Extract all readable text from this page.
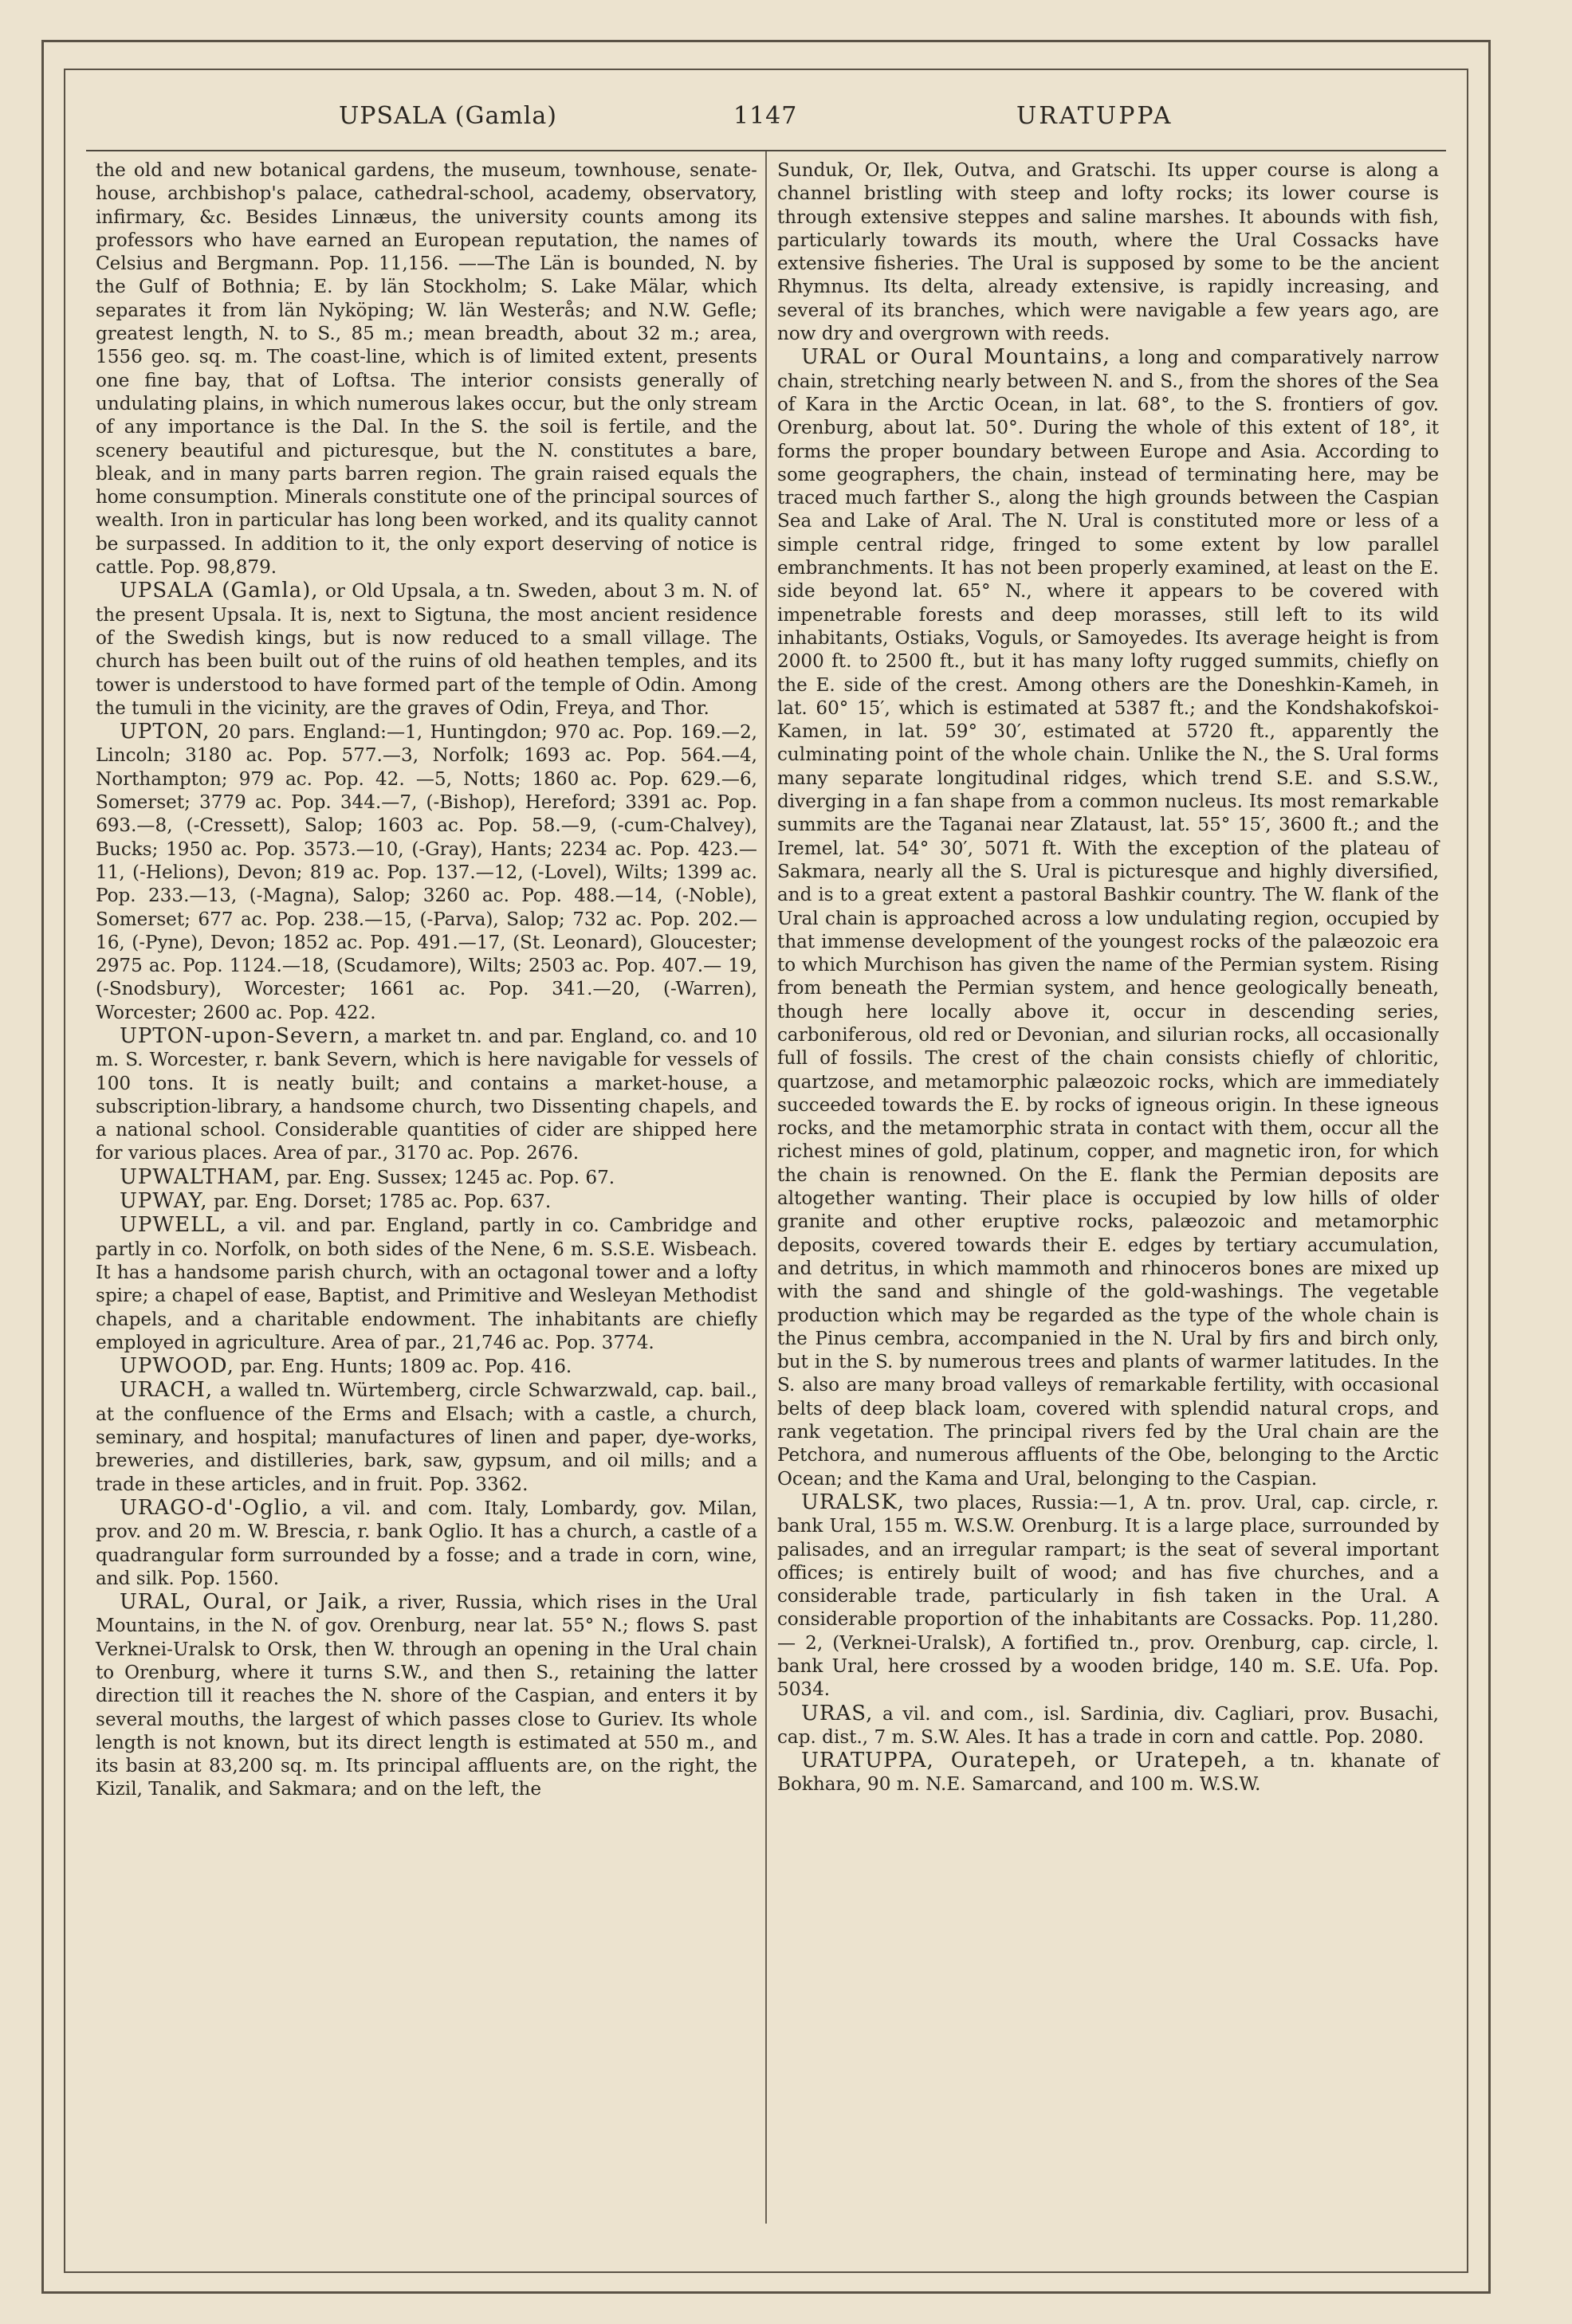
UPSALA (Gamla)	1147	URATUPPA

the old and new botanical gardens, the museum, townhouse, senate-house, archbishop's palace, cathedral-school, academy, observatory, infirmary, &c. Besides Linnæus, the university counts among its professors who have earned an European reputation, the names of Celsius and Bergmann. Pop. 11,156. ——The Län is bounded, N. by the Gulf of Bothnia; E. by län Stockholm; S. Lake Mälar, which separates it from län Nyköping; W. län Westerås; and N.W. Gefle; greatest length, N. to S., 85 m.; mean breadth, about 32 m.; area, 1556 geo. sq. m. The coast-line, which is of limited extent, presents one fine bay, that of Loftsa. The interior consists generally of undulating plains, in which numerous lakes occur, but the only stream of any importance is the Dal. In the S. the soil is fertile, and the scenery beautiful and picturesque, but the N. constitutes a bare, bleak, and in many parts barren region. The grain raised equals the home consumption. Minerals constitute one of the principal sources of wealth. Iron in particular has long been worked, and its quality cannot be surpassed. In addition to it, the only export deserving of notice is cattle. Pop. 98,879.

UPSALA (Gamla), or Old Upsala, a tn. Sweden, about 3 m. N. of the present Upsala. It is, next to Sigtuna, the most ancient residence of the Swedish kings, but is now reduced to a small village. The church has been built out of the ruins of old heathen temples, and its tower is understood to have formed part of the temple of Odin. Among the tumuli in the vicinity, are the graves of Odin, Freya, and Thor.

UPTON, 20 pars. England:—1, Huntingdon; 970 ac. Pop. 169.—2, Lincoln; 3180 ac. Pop. 577.—3, Norfolk; 1693 ac. Pop. 564.—4, Northampton; 979 ac. Pop. 42. —5, Notts; 1860 ac. Pop. 629.—6, Somerset; 3779 ac. Pop. 344.—7, (-Bishop), Hereford; 3391 ac. Pop. 693.—8, (-Cressett), Salop; 1603 ac. Pop. 58.—9, (-cum-Chalvey), Bucks; 1950 ac. Pop. 3573.—10, (-Gray), Hants; 2234 ac. Pop. 423.—11, (-Helions), Devon; 819 ac. Pop. 137.—12, (-Lovel), Wilts; 1399 ac. Pop. 233.—13, (-Magna), Salop; 3260 ac. Pop. 488.—14, (-Noble), Somerset; 677 ac. Pop. 238.—15, (-Parva), Salop; 732 ac. Pop. 202.—16, (-Pyne), Devon; 1852 ac. Pop. 491.—17, (St. Leonard), Gloucester; 2975 ac. Pop. 1124.—18, (Scudamore), Wilts; 2503 ac. Pop. 407.— 19, (-Snodsbury), Worcester; 1661 ac. Pop. 341.—20, (-Warren), Worcester; 2600 ac. Pop. 422.

UPTON-upon-Severn, a market tn. and par. England, co. and 10 m. S. Worcester, r. bank Severn, which is here navigable for vessels of 100 tons. It is neatly built; and contains a market-house, a subscription-library, a handsome church, two Dissenting chapels, and a national school. Considerable quantities of cider are shipped here for various places. Area of par., 3170 ac. Pop. 2676.

UPWALTHAM, par. Eng. Sussex; 1245 ac. Pop. 67.

UPWAY, par. Eng. Dorset; 1785 ac. Pop. 637.

UPWELL, a vil. and par. England, partly in co. Cambridge and partly in co. Norfolk, on both sides of the Nene, 6 m. S.S.E. Wisbeach. It has a handsome parish church, with an octagonal tower and a lofty spire; a chapel of ease, Baptist, and Primitive and Wesleyan Methodist chapels, and a charitable endowment. The inhabitants are chiefly employed in agriculture. Area of par., 21,746 ac. Pop. 3774.

UPWOOD, par. Eng. Hunts; 1809 ac. Pop. 416.

URACH, a walled tn. Würtemberg, circle Schwarzwald, cap. bail., at the confluence of the Erms and Elsach; with a castle, a church, seminary, and hospital; manufactures of linen and paper, dye-works, breweries, and distilleries, bark, saw, gypsum, and oil mills; and a trade in these articles, and in fruit. Pop. 3362.

URAGO-d'-Oglio, a vil. and com. Italy, Lombardy, gov. Milan, prov. and 20 m. W. Brescia, r. bank Oglio. It has a church, a castle of a quadrangular form surrounded by a fosse; and a trade in corn, wine, and silk. Pop. 1560.

URAL, Oural, or Jaik, a river, Russia, which rises in the Ural Mountains, in the N. of gov. Orenburg, near lat. 55° N.; flows S. past Verknei-Uralsk to Orsk, then W. through an opening in the Ural chain to Orenburg, where it turns S.W., and then S., retaining the latter direction till it reaches the N. shore of the Caspian, and enters it by several mouths, the largest of which passes close to Guriev. Its whole length is not known, but its direct length is estimated at 550 m., and its basin at 83,200 sq. m. Its principal affluents are, on the right, the Kizil, Tanalik, and Sakmara; and on the left, the

Sunduk, Or, Ilek, Outva, and Gratschi. Its upper course is along a channel bristling with steep and lofty rocks; its lower course is through extensive steppes and saline marshes. It abounds with fish, particularly towards its mouth, where the Ural Cossacks have extensive fisheries. The Ural is supposed by some to be the ancient Rhymnus. Its delta, already extensive, is rapidly increasing, and several of its branches, which were navigable a few years ago, are now dry and overgrown with reeds.

URAL or Oural Mountains, a long and comparatively narrow chain, stretching nearly between N. and S., from the shores of the Sea of Kara in the Arctic Ocean, in lat. 68°, to the S. frontiers of gov. Orenburg, about lat. 50°. During the whole of this extent of 18°, it forms the proper boundary between Europe and Asia. According to some geographers, the chain, instead of terminating here, may be traced much farther S., along the high grounds between the Caspian Sea and Lake of Aral. The N. Ural is constituted more or less of a simple central ridge, fringed to some extent by low parallel embranchments. It has not been properly examined, at least on the E. side beyond lat. 65° N., where it appears to be covered with impenetrable forests and deep morasses, still left to its wild inhabitants, Ostiaks, Voguls, or Samoyedes. Its average height is from 2000 ft. to 2500 ft., but it has many lofty rugged summits, chiefly on the E. side of the crest. Among others are the Doneshkin-Kameh, in lat. 60° 15′, which is estimated at 5387 ft.; and the Kondshakofskoi-Kamen, in lat. 59° 30′, estimated at 5720 ft., apparently the culminating point of the whole chain. Unlike the N., the S. Ural forms many separate longitudinal ridges, which trend S.E. and S.S.W., diverging in a fan shape from a common nucleus. Its most remarkable summits are the Taganai near Zlataust, lat. 55° 15′, 3600 ft.; and the Iremel, lat. 54° 30′, 5071 ft. With the exception of the plateau of Sakmara, nearly all the S. Ural is picturesque and highly diversified, and is to a great extent a pastoral Bashkir country. The W. flank of the Ural chain is approached across a low undulating region, occupied by that immense development of the youngest rocks of the palæozoic era to which Murchison has given the name of the Permian system. Rising from beneath the Permian system, and hence geologically beneath, though here locally above it, occur in descending series, carboniferous, old red or Devonian, and silurian rocks, all occasionally full of fossils. The crest of the chain consists chiefly of chloritic, quartzose, and metamorphic palæozoic rocks, which are immediately succeeded towards the E. by rocks of igneous origin. In these igneous rocks, and the metamorphic strata in contact with them, occur all the richest mines of gold, platinum, copper, and magnetic iron, for which the chain is renowned. On the E. flank the Permian deposits are altogether wanting. Their place is occupied by low hills of older granite and other eruptive rocks, palæozoic and metamorphic deposits, covered towards their E. edges by tertiary accumulation, and detritus, in which mammoth and rhinoceros bones are mixed up with the sand and shingle of the gold-washings. The vegetable production which may be regarded as the type of the whole chain is the Pinus cembra, accompanied in the N. Ural by firs and birch only, but in the S. by numerous trees and plants of warmer latitudes. In the S. also are many broad valleys of remarkable fertility, with occasional belts of deep black loam, covered with splendid natural crops, and rank vegetation. The principal rivers fed by the Ural chain are the Petchora, and numerous affluents of the Obe, belonging to the Arctic Ocean; and the Kama and Ural, belonging to the Caspian.

URALSK, two places, Russia:—1, A tn. prov. Ural, cap. circle, r. bank Ural, 155 m. W.S.W. Orenburg. It is a large place, surrounded by palisades, and an irregular rampart; is the seat of several important offices; is entirely built of wood; and has five churches, and a considerable trade, particularly in fish taken in the Ural. A considerable proportion of the inhabitants are Cossacks. Pop. 11,280.— 2, (Verknei-Uralsk), A fortified tn., prov. Orenburg, cap. circle, l. bank Ural, here crossed by a wooden bridge, 140 m. S.E. Ufa. Pop. 5034.

URAS, a vil. and com., isl. Sardinia, div. Cagliari, prov. Busachi, cap. dist., 7 m. S.W. Ales. It has a trade in corn and cattle. Pop. 2080.

URATUPPA, Ouratepeh, or Uratepeh, a tn. khanate of Bokhara, 90 m. N.E. Samarcand, and 100 m. W.S.W.
